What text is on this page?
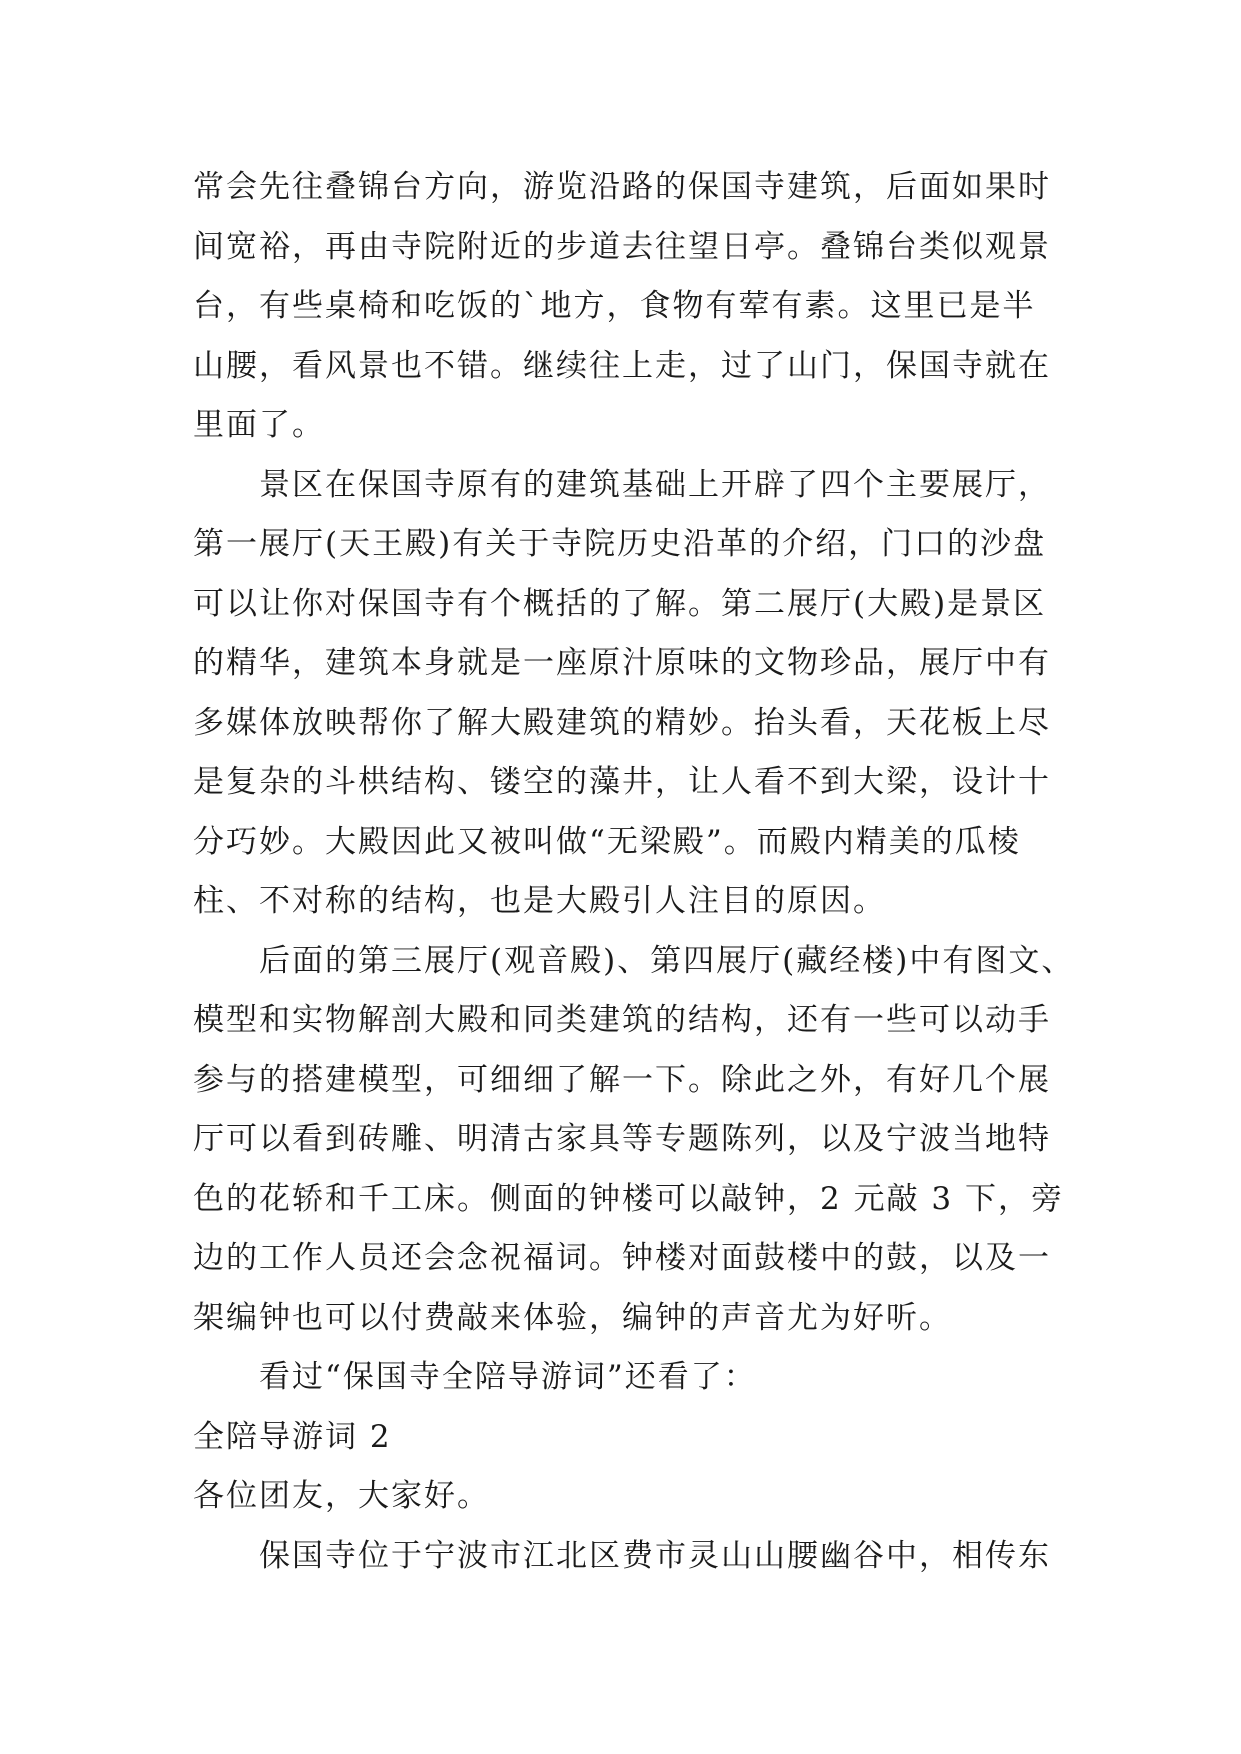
常会先往叠锦台方向，游览沿路的保国寺建筑，后面如果时
间宽裕，再由寺院附近的步道去往望日亭。叠锦台类似观景
台，有些桌椅和吃饭的`地方，食物有荤有素。这里已是半
山腰，看风景也不错。继续往上走，过了山门，保国寺就在
里面了。

景区在保国寺原有的建筑基础上开辟了四个主要展厅，
第一展厅(天王殿)有关于寺院历史沿革的介绍，门口的沙盘
可以让你对保国寺有个概括的了解。第二展厅(大殿)是景区
的精华，建筑本身就是一座原汁原味的文物珍品，展厅中有
多媒体放映帮你了解大殿建筑的精妙。抬头看，天花板上尽
是复杂的斗栱结构、镂空的藻井，让人看不到大梁，设计十
分巧妙。大殿因此又被叫做“无梁殿”。而殿内精美的瓜棱
柱、不对称的结构，也是大殿引人注目的原因。

后面的第三展厅(观音殿)、第四展厅(藏经楼)中有图文、
模型和实物解剖大殿和同类建筑的结构，还有一些可以动手
参与的搭建模型，可细细了解一下。除此之外，有好几个展
厅可以看到砖雕、明清古家具等专题陈列，以及宁波当地特
色的花轿和千工床。侧面的钟楼可以敲钟，2 元敲 3 下，旁
边的工作人员还会念祝福词。钟楼对面鼓楼中的鼓，以及一
架编钟也可以付费敲来体验，编钟的声音尤为好听。

看过“保国寺全陪导游词”还看了：

全陪导游词 2

各位团友，大家好。

保国寺位于宁波市江北区费市灵山山腰幽谷中，相传东
